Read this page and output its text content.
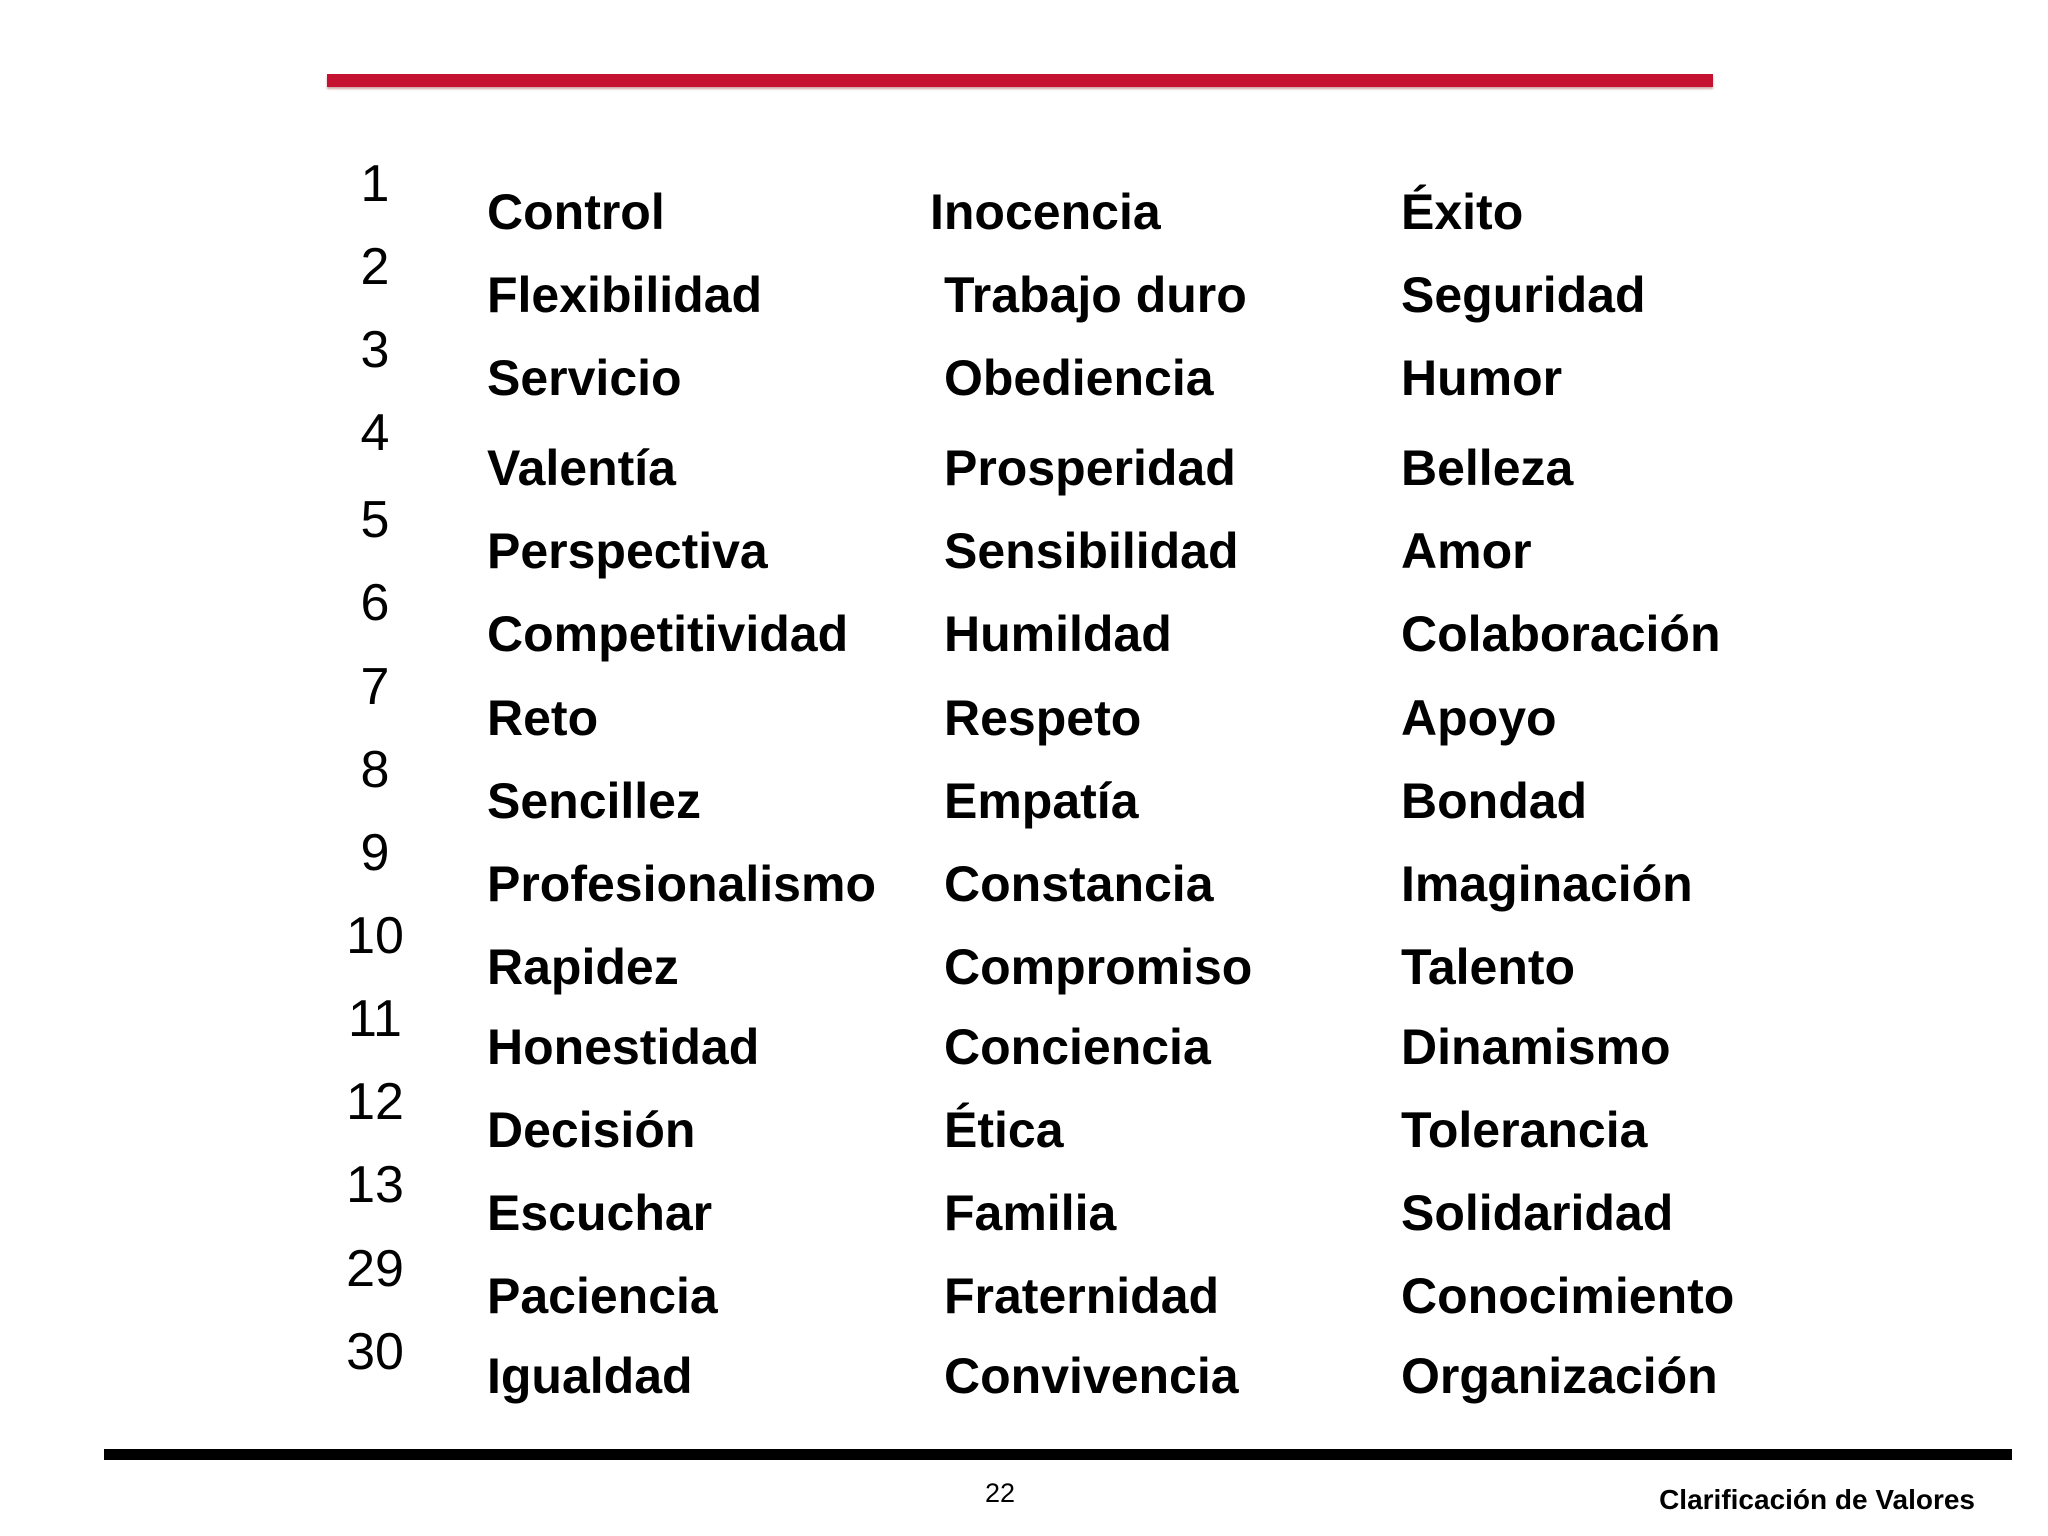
1
2
3
4
5
6
7
8
9
10
11
12
13
29
30
Control
Flexibilidad
Servicio
Valentía
Perspectiva
Competitividad
Reto
Sencillez
Profesionalismo
Rapidez
Honestidad
Decisión
Escuchar
Paciencia
Igualdad
Inocencia
Trabajo duro
Obediencia
Prosperidad
Sensibilidad
Humildad
Respeto
Empatía
Constancia
Compromiso
Conciencia
Ética
Familia
Fraternidad
Convivencia
Éxito
Seguridad
Humor
Belleza
Amor
Colaboración
Apoyo
Bondad
Imaginación
Talento
Dinamismo
Tolerancia
Solidaridad
Conocimiento
Organización
22	Clarificación de Valores
